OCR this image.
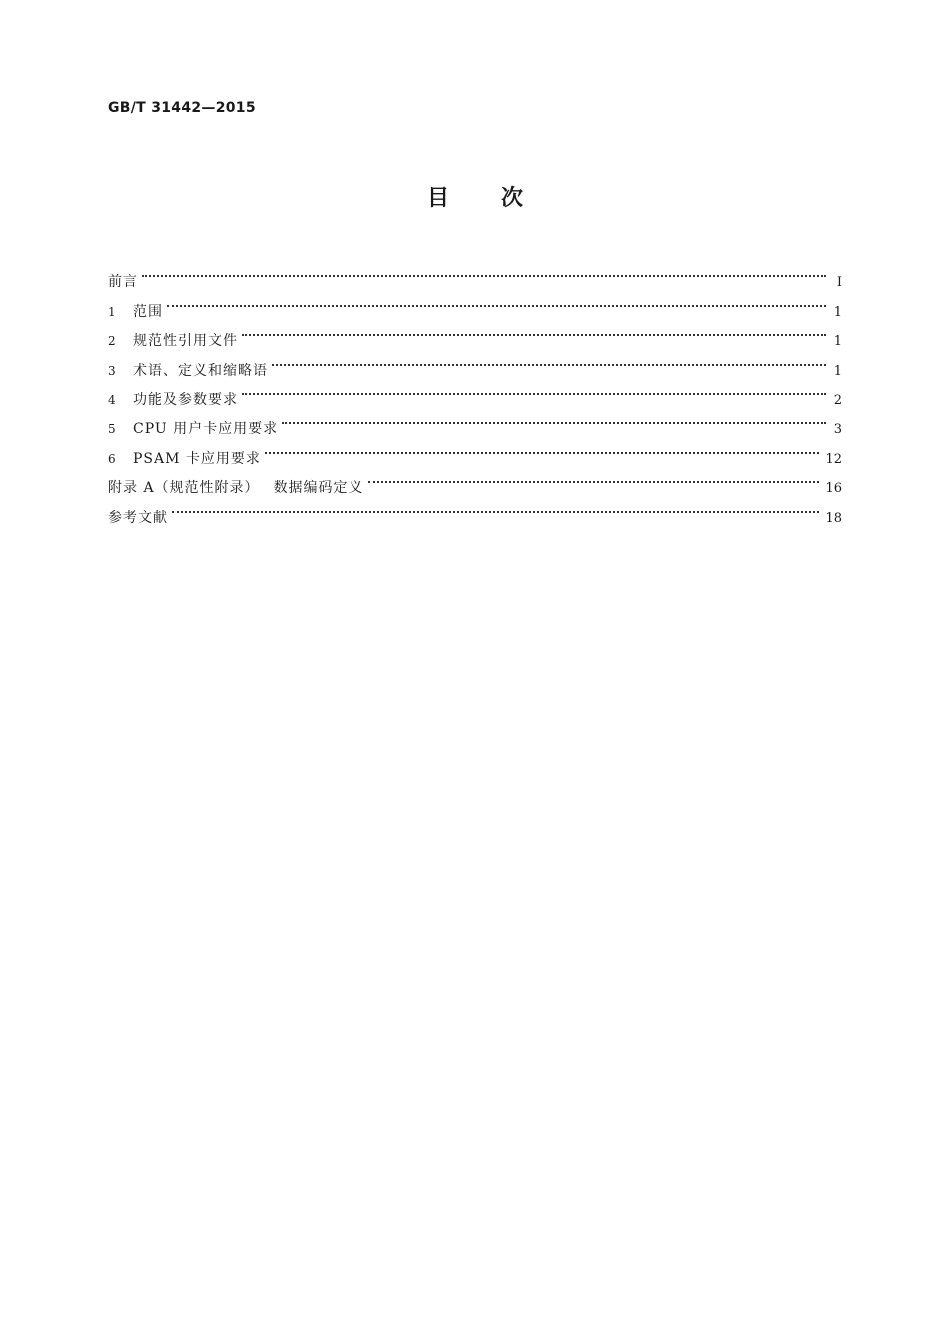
GB/T 31442—2015
目 次
前言	Ⅰ
1	范围	1
2	规范性引用文件	1
3	术语、定义和缩略语	1
4	功能及参数要求	2
5	CPU 用户卡应用要求	3
6	PSAM 卡应用要求	12
附录 A（规范性附录） 数据编码定义	16
参考文献	18
